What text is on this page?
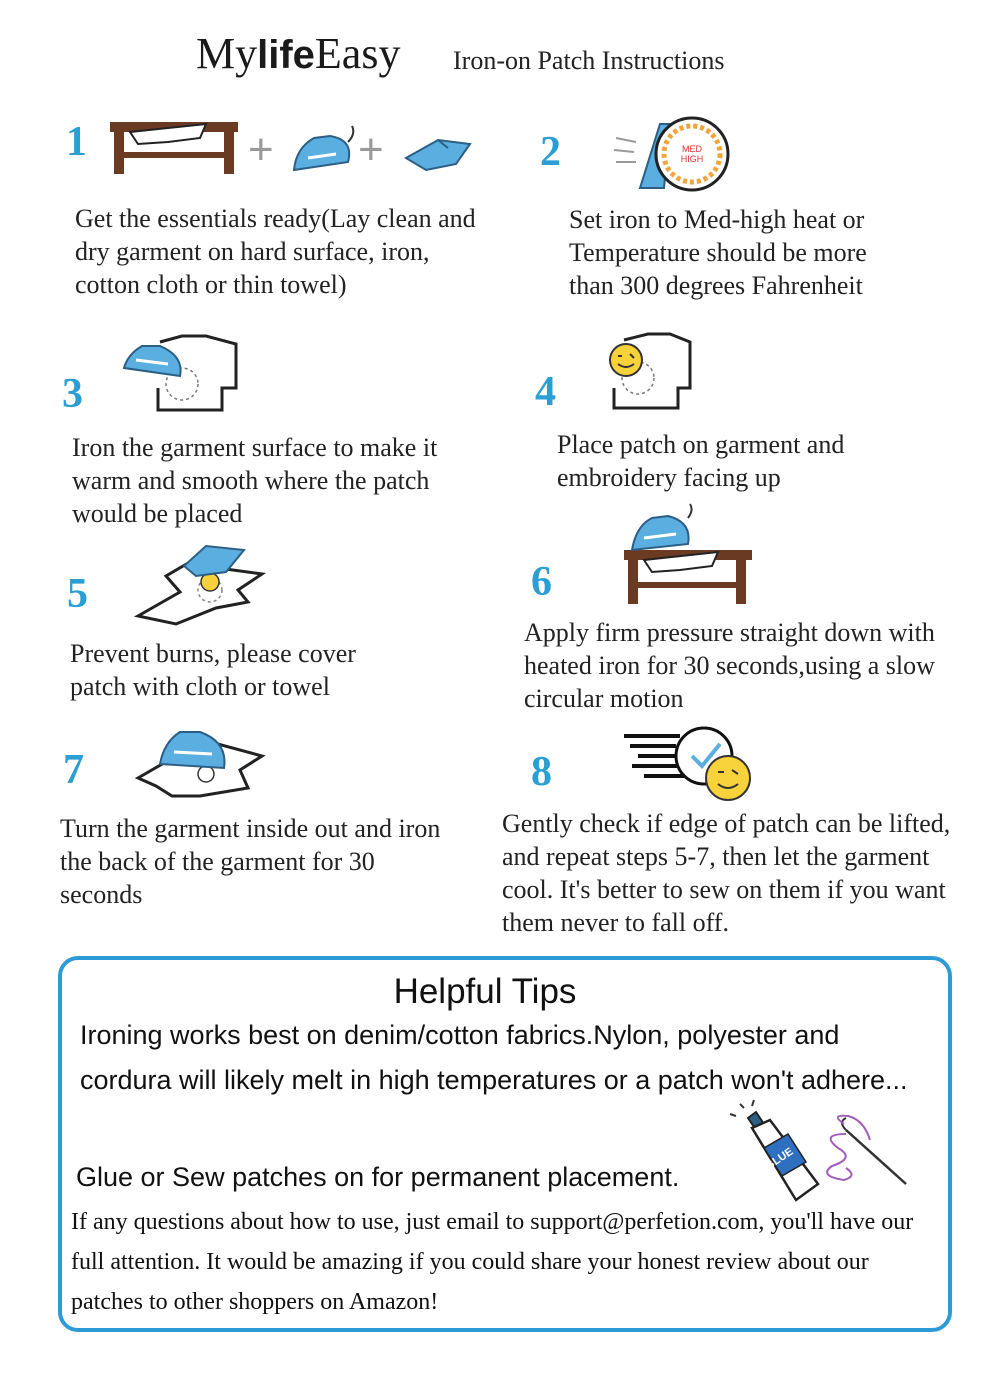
MylifeEasy Iron-on Patch Instructions
1	+ +
Get the essentials ready(Lay clean and dry garment on hard surface, iron, cotton cloth or thin towel)
2	MED
HIGH
Set iron to Med-high heat or Temperature should be more than 300 degrees Fahrenheit
3
Iron the garment surface to make it warm and smooth where the patch would be placed
4
Place patch on garment and embroidery facing up
5
Prevent burns, please cover patch with cloth or towel
6
Apply firm pressure straight down with heated iron for 30 seconds,using a slow circular motion
7
Turn the garment inside out and iron the back of the garment for 30 seconds
8
Gently check if edge of patch can be lifted, and repeat steps 5-7, then let the garment cool. It's better to sew on them if you want them never to fall off.
Helpful Tips
Ironing works best on denim/cotton fabrics.Nylon, polyester and cordura will likely melt in high temperatures or a patch won't adhere...
Glue or Sew patches on for permanent placement.
GLUE
If any questions about how to use, just email to support@perfetion.com, you'll have our full attention. It would be amazing if you could share your honest review about our patches to other shoppers on Amazon!
